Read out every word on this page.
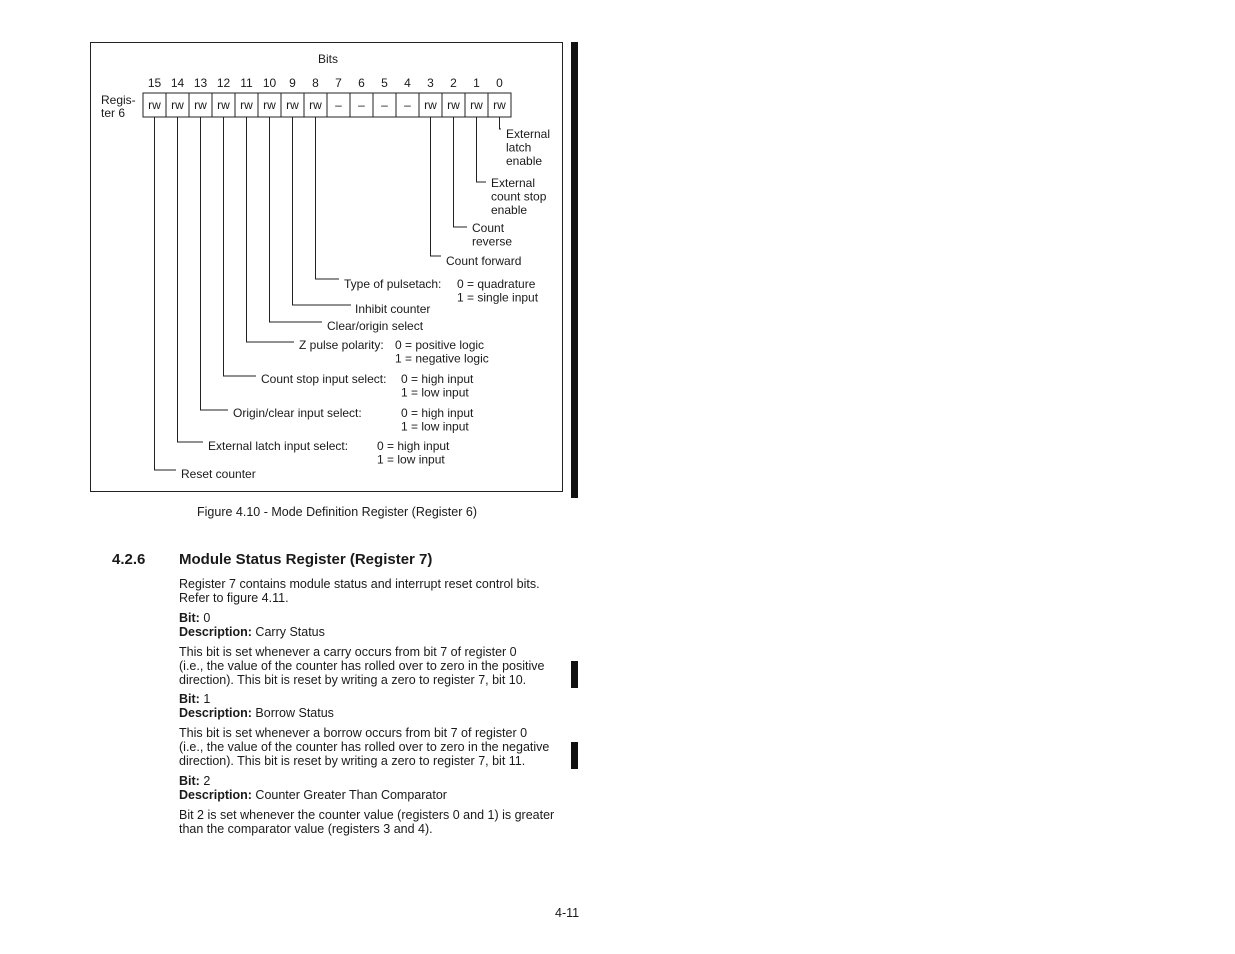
Bits
Regis-
ter 6
15 14 13 12 11 10 9 8 7 6 5 4 3 2 1 0
rw rw rw rw rw rw rw rw – – – – rw rw rw rw
External
latch
enable
External
count stop
enable
Count
reverse
Count forward
Type of pulsetach: 0 = quadrature
1 = single input
Inhibit counter
Clear/origin select
Z pulse polarity: 0 = positive logic
1 = negative logic
Count stop input select: 0 = high input
1 = low input
Origin/clear input select:	0 = high input
1 = low input
External latch input select: 0 = high input
1 = low input
Reset counter
Figure 4.10 - Mode Definition Register (Register 6)
4.2.6 Module Status Register (Register 7)
Register 7 contains module status and interrupt reset control bits.
Refer to figure 4.11.
Bit: 0
Description: Carry Status
This bit is set whenever a carry occurs from bit 7 of register 0
(i.e., the value of the counter has rolled over to zero in the positive
direction). This bit is reset by writing a zero to register 7, bit 10.
Bit: 1
Description: Borrow Status
This bit is set whenever a borrow occurs from bit 7 of register 0
(i.e., the value of the counter has rolled over to zero in the negative
direction). This bit is reset by writing a zero to register 7, bit 11.
Bit: 2
Description: Counter Greater Than Comparator
Bit 2 is set whenever the counter value (registers 0 and 1) is greater
than the comparator value (registers 3 and 4).
4-11
